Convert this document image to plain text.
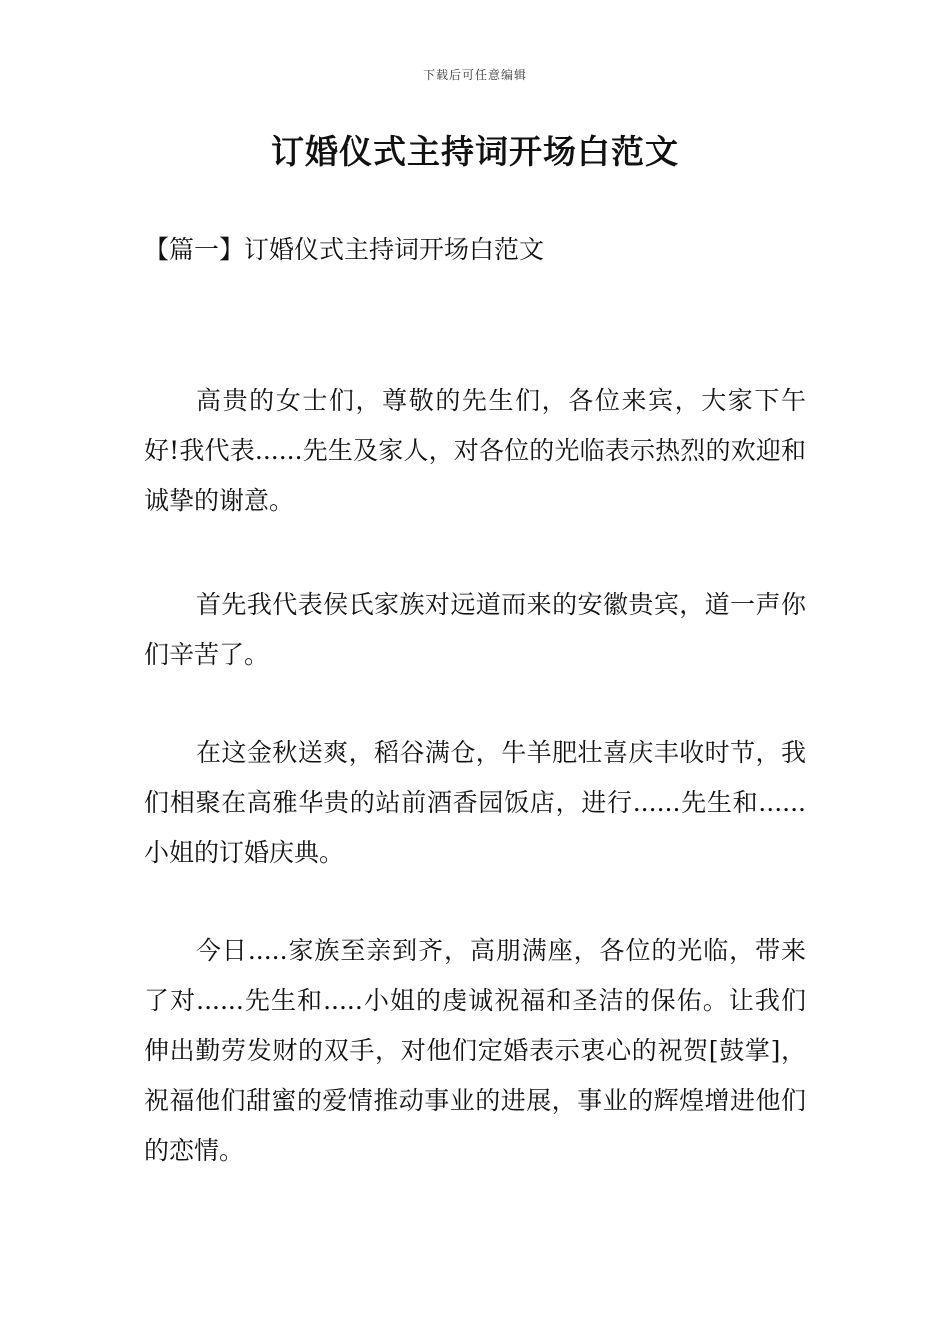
下载后可任意编辑
订婚仪式主持词开场白范文
【篇一】订婚仪式主持词开场白范文

高贵的女士们，尊敬的先生们，各位来宾，大家下午好!我代表......先生及家人，对各位的光临表示热烈的欢迎和诚挚的谢意。

首先我代表侯氏家族对远道而来的安徽贵宾，道一声你们辛苦了。

在这金秋送爽，稻谷满仓，牛羊肥壮喜庆丰收时节，我们相聚在高雅华贵的站前酒香园饭店，进行......先生和......小姐的订婚庆典。

今日.....家族至亲到齐，高朋满座，各位的光临，带来了对......先生和.....小姐的虔诚祝福和圣洁的保佑。让我们伸出勤劳发财的双手，对他们定婚表示衷心的祝贺[鼓掌]，祝福他们甜蜜的爱情推动事业的进展，事业的辉煌增进他们的恋情。
